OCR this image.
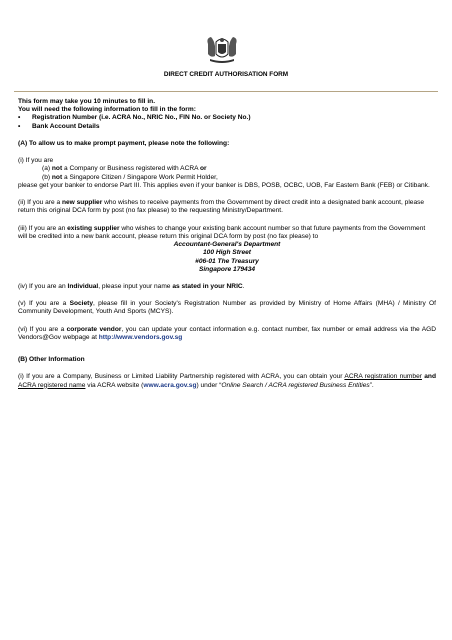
DIRECT CREDIT AUTHORISATION FORM

This form may take you 10 minutes to fill in.

You will need the following information to fill in the form:

•	Registration Number (i.e. ACRA No., NRIC No., FIN No. or Society No.)
•	Bank Account Details

(A) To allow us to make prompt payment, please note the following:

(i) If you are

(a) not a Company or Business registered with ACRA or

(b) not a Singapore Citizen / Singapore Work Permit Holder,

please get your banker to endorse Part III. This applies even if your banker is DBS, POSB, OCBC, UOB, Far Eastern Bank (FEB) or Citibank.

(ii) If you are a new supplier who wishes to receive payments from the Government by direct credit into a designated bank account, please return this original DCA form by post (no fax please) to the requesting Ministry/Department.

(iii) If you are an existing supplier who wishes to change your existing bank account number so that future payments from the Government will be credited into a new bank account, please return this original DCA form by post (no fax please) to

Accountant-General's Department

100 High Street

#06-01 The Treasury

Singapore 179434

(iv) If you are an Individual, please input your name as stated in your NRIC.

(v) If you are a Society, please fill in your Society's Registration Number as provided by Ministry of Home Affairs (MHA) / Ministry Of Community Development, Youth And Sports (MCYS).

(vi) If you are a corporate vendor, you can update your contact information e.g. contact number, fax number or email address via the AGD Vendors@Gov webpage at http://www.vendors.gov.sg

(B) Other Information

(i) If you are a Company, Business or Limited Liability Partnership registered with ACRA, you can obtain your ACRA registration number and ACRA registered name via ACRA website (www.acra.gov.sg) under “Online Search / ACRA registered Business Entities”.
